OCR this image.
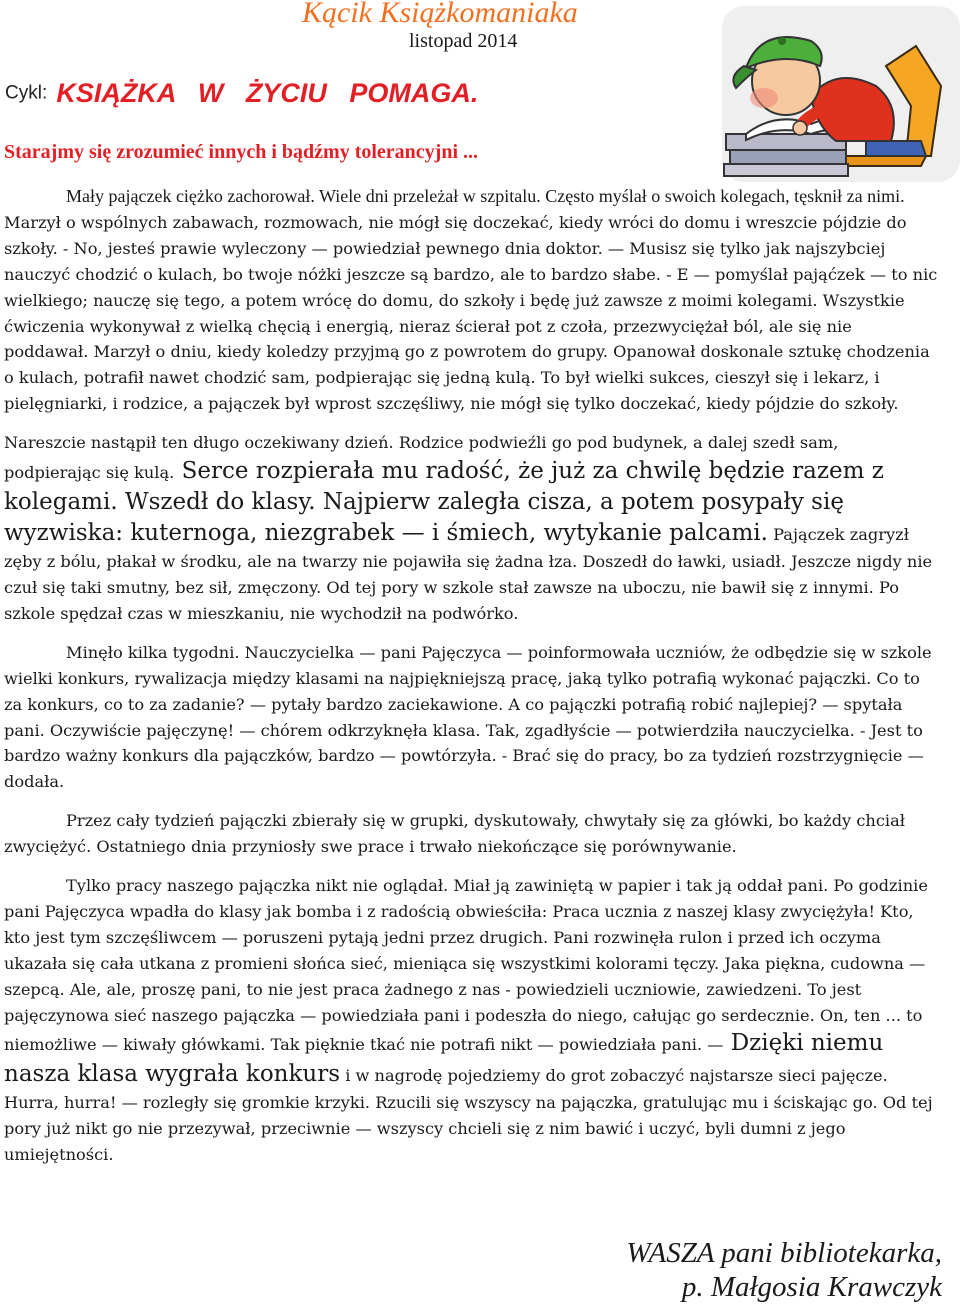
Kącik Książkomaniaka
listopad 2014
Cykl: KSIĄŻKA   W   ŻYCIU   POMAGA.
Starajmy się zrozumieć innych i bądźmy tolerancyjni ...

Mały pajączek ciężko zachorował. Wiele dni przeleżał w szpitalu. Często myślał o swoich kolegach, tęsknił za nimi. Marzył o wspólnych zabawach, rozmowach, nie mógł się doczekać, kiedy wróci do domu i wreszcie pójdzie do szkoły. - No, jesteś prawie wyleczony — powiedział pewnego dnia doktor. — Musisz się tylko jak najszybciej nauczyć chodzić o kulach, bo twoje nóżki jeszcze są bardzo, ale to bardzo słabe. - E — pomyślał pająćzek — to nic wielkiego; nauczę się tego, a potem wrócę do domu, do szkoły i będę już zawsze z moimi kolegami. Wszystkie ćwiczenia wykonywał z wielką chęcią i energią, nieraz ścierał pot z czoła, przezwyciężał ból, ale się nie poddawał. Marzył o dniu, kiedy koledzy przyjmą go z powrotem do grupy. Opanował doskonale sztukę chodzenia o kulach, potrafił nawet chodzić sam, podpierając się jedną kulą. To był wielki sukces, cieszył się i lekarz, i pielęgniarki, i rodzice, a pajączek był wprost szczęśliwy, nie mógł się tylko doczekać, kiedy pójdzie do szkoły.

Nareszcie nastąpił ten długo oczekiwany dzień. Rodzice podwieźli go pod budynek, a dalej szedł sam, podpierając się kulą. Serce rozpierała mu radość, że już za chwilę będzie razem z kolegami. Wszedł do klasy. Najpierw zaległa cisza, a potem posypały się wyzwiska: kuternoga, niezgrabek — i śmiech, wytykanie palcami. Pajączek zagryzł zęby z bólu, płakał w środku, ale na twarzy nie pojawiła się żadna łza. Doszedł do ławki, usiadł. Jeszcze nigdy nie czuł się taki smutny, bez sił, zmęczony. Od tej pory w szkole stał zawsze na uboczu, nie bawił się z innymi. Po szkole spędzał czas w mieszkaniu, nie wychodził na podwórko.

Minęło kilka tygodni. Nauczycielka — pani Pajęczyca — poinformowała uczniów, że odbędzie się w szkole wielki konkurs, rywalizacja między klasami na najpiękniejszą pracę, jaką tylko potrafią wykonać pajączki. Co to za konkurs, co to za zadanie? — pytały bardzo zaciekawione. A co pajączki potrafią robić najlepiej? — spytała pani. Oczywiście pajęczynę! — chórem odkrzyknęła klasa. Tak, zgadłyście — potwierdziła nauczycielka. - Jest to bardzo ważny konkurs dla pajączków, bardzo — powtórzyła. - Brać się do pracy, bo za tydzień rozstrzygnięcie — dodała.

Przez cały tydzień pajączki zbierały się w grupki, dyskutowały, chwytały się za główki, bo każdy chciał zwyciężyć. Ostatniego dnia przyniosły swe prace i trwało niekończące się porównywanie.

Tylko pracy naszego pajączka nikt nie oglądał. Miał ją zawiniętą w papier i tak ją oddał pani. Po godzinie pani Pajęczyca wpadła do klasy jak bomba i z radością obwieściła: Praca ucznia z naszej klasy zwyciężyła! Kto, kto jest tym szczęśliwcem — poruszeni pytają jedni przez drugich. Pani rozwinęła rulon i przed ich oczyma ukazała się cała utkana z promieni słońca sieć, mieniąca się wszystkimi kolorami tęczy. Jaka piękna, cudowna — szepcą. Ale, ale, proszę pani, to nie jest praca żadnego z nas - powiedzieli uczniowie, zawiedzeni. To jest pajęczynowa sieć naszego pajączka — powiedziała pani i podeszła do niego, całując go serdecznie. On, ten ... to niemożliwe — kiwały główkami. Tak pięknie tkać nie potrafi nikt — powiedziała pani. — Dzięki niemu nasza klasa wygrała konkurs i w nagrodę pojedziemy do grot zobaczyć najstarsze sieci pajęcze. Hurra, hurra! — rozległy się gromkie krzyki. Rzucili się wszyscy na pajączka, gratulując mu i ściskając go. Od tej pory już nikt go nie przezywał, przeciwnie — wszyscy chcieli się z nim bawić i uczyć, byli dumni z jego umiejętności.

WASZA pani bibliotekarka,
p. Małgosia Krawczyk
